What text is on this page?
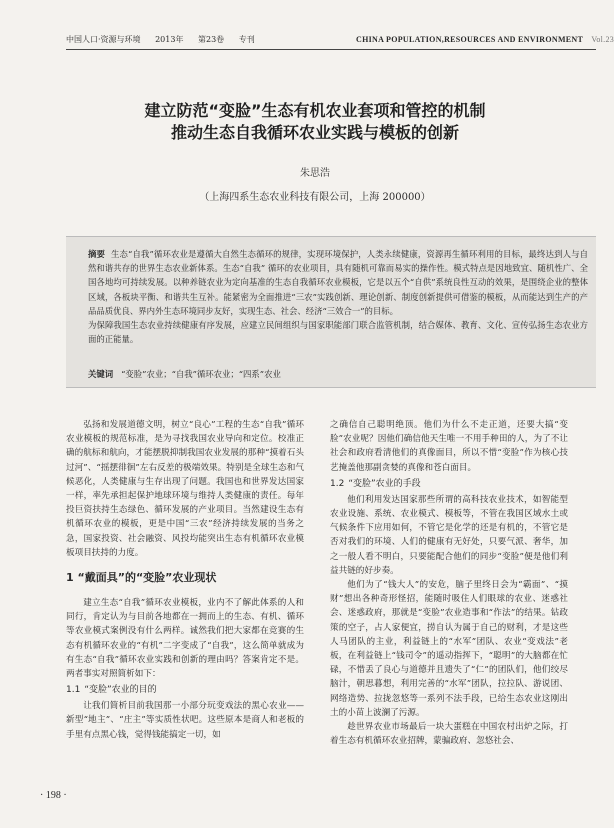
中国人口·资源与环境 2013年 第23卷 专刊	CHINA POPULATION,RESOURCES AND ENVIRONMENT Vol.23
建立防范“变脸”生态有机农业套项和管控的机制
推动生态自我循环农业实践与模板的创新
朱思浩
（上海四系生态农业科技有限公司，上海 200000）
摘要 生态“自我”循环农业是遵循大自然生态循环的规律，实现环境保护，人类永续健康，资源再生循环利用的目标，最终达到人与自然和谐共存的世界生态农业新体系。生态“自我” 循环的农业项目，具有随机可靠而易实的操作性。模式特点是因地致宜、随机性广、全国各地均可持续发展。以种养链农业为定向基准的生态自我循环农业模板，它是以五个“自供”系统良性互动的效果，是围绕企业的整体区域，各板块平衡、和谐共生互补。能紧密为全面推进“三农”实践创新、理论创新、制度创新提供可借鉴的模板，从而能达到生产的产品品质优良、界内外生态环境同步友好，实现生态、社会、经济“三效合一”的目标。
为保障我国生态农业持续健康有序发展，应建立民间组织与国家职能部门联合监管机制，结合媒体、教育、文化、宣传弘扬生态农业方面的正能量。
关键词 “变脸”农业；“自我”循环农业；“四系”农业

弘扬和发展道德文明，树立“良心”工程的生态“自我”循环农业模板的规范标准，是为寻找我国农业导向和定位。校准正确的航标和航向，才能摆脱抑制我国农业发展的那种“摸着石头过河”、“摇摆徘徊”左右反差的极端效果。特别是全球生态和气候恶化，人类健康与生存出现了问题。我国也和世界发达国家一样，率先承担起保护地球环境与维持人类健康的责任。每年投巨资扶持生态绿色、循环发展的产业项目。当然建设生态有机循环农业的模板，更是中国“三农”经济持续发展的当务之急，国家投资、社会融资、风投均能突出生态有机循环农业模板项目扶持的力度。

1 “戴面具”的“变脸”农业现状

建立生态“自我”循环农业模板，业内不了解此体系的人和同行，肯定认为与目前各地都在一拥而上的生态、有机、循环等农业模式案例没有什么两样。诚然我们把大家都在竞赛的生态有机循环农业的“有机”二字变成了“自我”，这么简单就成为有生态“自我”循环农业实践和创新的理由吗？答案肯定不是。两者事实对照简析如下：

1.1 “变脸”农业的目的

让我们简析目前我国那一小部分玩变戏法的黑心农业——新型“地主”、“庄主”等实质性状吧。这些原本是商人和老板的手里有点黑心钱，觉得钱能搞定一切，如

之确信自己聪明绝顶。他们为什么不走正道，还要大搞“变脸”农业呢？因他们确信他天生唯一不用手种田的人，为了不让社会和政府看清他们的真像面目，所以不惜“变脸”作为核心技艺掩盖他那副贪婪的真像和苍白面目。

1.2 “变脸”农业的手段

他们利用发达国家那些所谓的高科技农业技术，如智能型农业设施、系统、农业模式、模板等，不管在我国区域水土或气候条件下应用如何，不管它是化学的还是有机的，不管它是否对我们的环境、人们的健康有无好处，只要气派、奢华，加之一般人看不明白，只要能配合他们的同步“变脸”便是他们利益共链的好步奏。

他们为了“钱大人”的安危，脑子里终日会为“霸面”、“摸财”想出各种奇形怪招，能随时吸住人们眼球的农业、迷惑社会、迷惑政府，那就是“变脸”农业造事和“作法”的结果。钻政策的空子，占人家便宜，捞自认为属于自己的财利，才是这些人马团队的主业，利益链上的“水军”团队、农业“变戏法”老板，在利益链上“钱司令”的遥动指挥下，“聪明”的大脑都在忙碌，不惜丢了良心与道德并且遗失了“仁”的团队们，他们绞尽脑汁，朝思暮想，利用完善的“水军”团队，拉拉队、游说团、网络造势、拉拢忽悠等一系列不法手段，已给生态农业这刚出土的小苗上波澜了污源。

趁世界农业市场最后一块大蛋糕在中国农村出炉之际，打着生态有机循环农业招牌，蒙骗政府、忽悠社会、

· 198 ·
